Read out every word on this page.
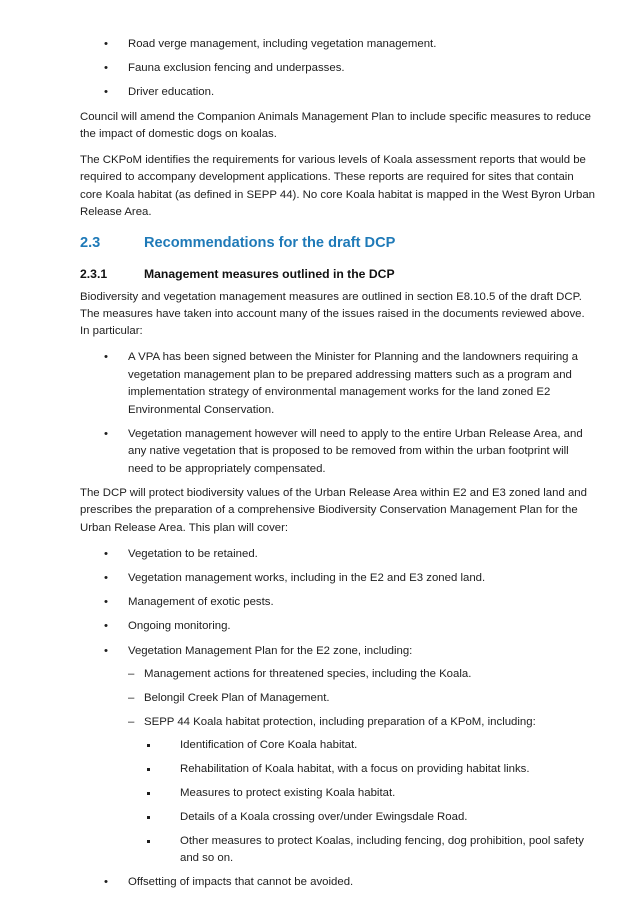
•	Road verge management, including vegetation management.
•	Fauna exclusion fencing and underpasses.
•	Driver education.

Council will amend the Companion Animals Management Plan to include specific measures to reduce the impact of domestic dogs on koalas.

The CKPoM identifies the requirements for various levels of Koala assessment reports that would be required to accompany development applications. These reports are required for sites that contain core Koala habitat (as defined in SEPP 44). No core Koala habitat is mapped in the West Byron Urban Release Area.

2.3	Recommendations for the draft DCP
2.3.1	Management measures outlined in the DCP

Biodiversity and vegetation management measures are outlined in section E8.10.5 of the draft DCP. The measures have taken into account many of the issues raised in the documents reviewed above. In particular:

•	A VPA has been signed between the Minister for Planning and the landowners requiring a vegetation management plan to be prepared addressing matters such as a program and implementation strategy of environmental management works for the land zoned E2 Environmental Conservation.
•	Vegetation management however will need to apply to the entire Urban Release Area, and any native vegetation that is proposed to be removed from within the urban footprint will need to be appropriately compensated.

The DCP will protect biodiversity values of the Urban Release Area within E2 and E3 zoned land and prescribes the preparation of a comprehensive Biodiversity Conservation Management Plan for the Urban Release Area. This plan will cover:

•	Vegetation to be retained.
•	Vegetation management works, including in the E2 and E3 zoned land.
•	Management of exotic pests.
•	Ongoing monitoring.
•	Vegetation Management Plan for the E2 zone, including:
– Management actions for threatened species, including the Koala.
– Belongil Creek Plan of Management.
– SEPP 44 Koala habitat protection, including preparation of a KPoM, including:
Identification of Core Koala habitat.
Rehabilitation of Koala habitat, with a focus on providing habitat links.
Measures to protect existing Koala habitat.
Details of a Koala crossing over/under Ewingsdale Road.
Other measures to protect Koalas, including fencing, dog prohibition, pool safety and so on.
•	Offsetting of impacts that cannot be avoided.
